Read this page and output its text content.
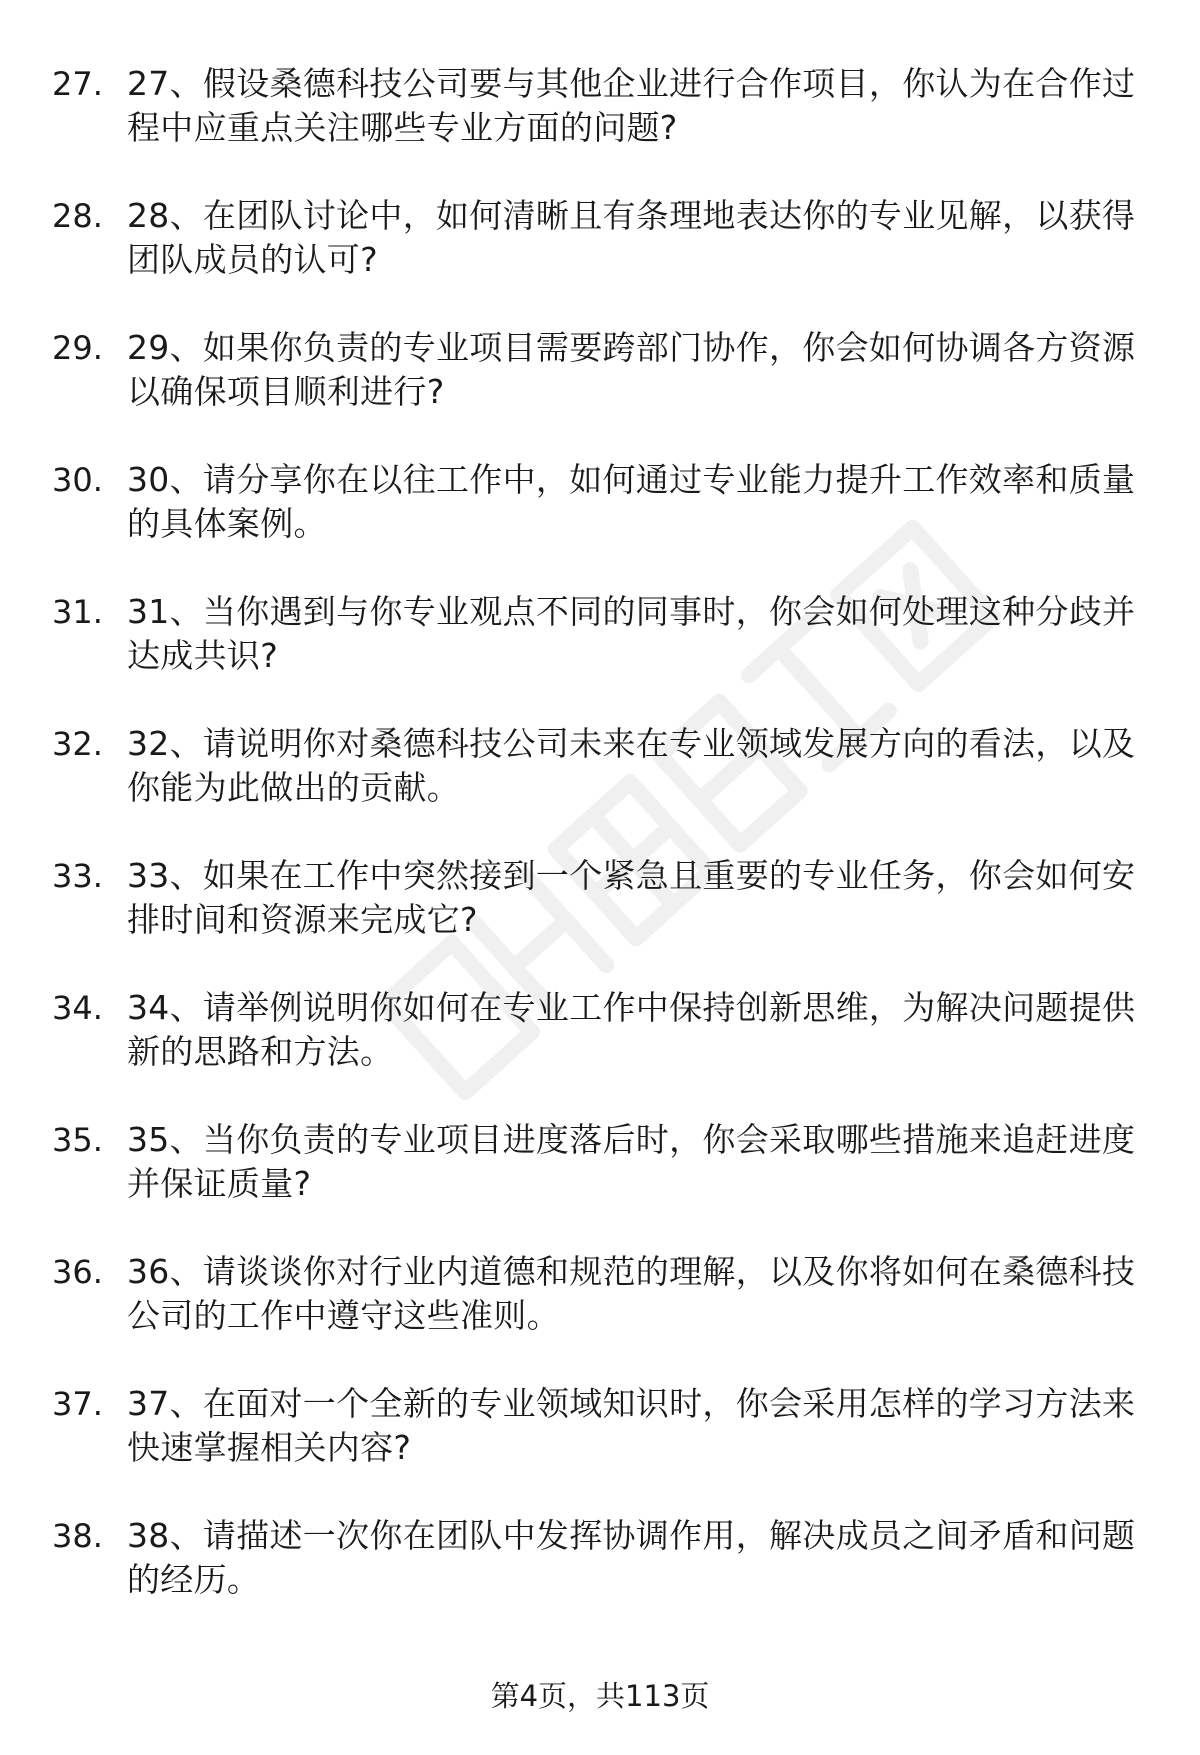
27. 27、假设桑德科技公司要与其他企业进行合作项目，你认为在合作过程中应重点关注哪些专业方面的问题?
28. 28、在团队讨论中，如何清晰且有条理地表达你的专业见解，以获得团队成员的认可?
29. 29、如果你负责的专业项目需要跨部门协作，你会如何协调各方资源以确保项目顺利进行?
30. 30、请分享你在以往工作中，如何通过专业能力提升工作效率和质量的具体案例。
31. 31、当你遇到与你专业观点不同的同事时，你会如何处理这种分歧并达成共识?
32. 32、请说明你对桑德科技公司未来在专业领域发展方向的看法，以及你能为此做出的贡献。
33. 33、如果在工作中突然接到一个紧急且重要的专业任务，你会如何安排时间和资源来完成它?
34. 34、请举例说明你如何在专业工作中保持创新思维，为解决问题提供新的思路和方法。
35. 35、当你负责的专业项目进度落后时，你会采取哪些措施来追赶进度并保证质量?
36. 36、请谈谈你对行业内道德和规范的理解，以及你将如何在桑德科技公司的工作中遵守这些准则。
37. 37、在面对一个全新的专业领域知识时，你会采用怎样的学习方法来快速掌握相关内容?
38. 38、请描述一次你在团队中发挥协调作用，解决成员之间矛盾和问题的经历。
第4页，共113页
